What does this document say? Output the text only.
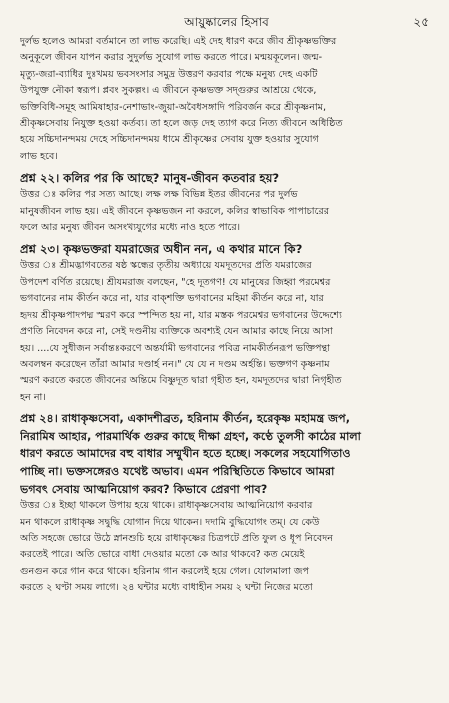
আয়ুষ্কালের হিসাব	২৫
দুর্লভ হলেও আমরা বর্তমানে তা লাভ করেছি। এই দেহ ধারণ করে জীব শ্রীকৃষ্ণভক্তির
অনুকূলে জীবন যাপন করার সুদুর্লভ সুযোগ লাভ করতে পারে। মন্ময়কূলেন। জন্ম-
মৃত্যু-জরা-ব্যাধির দুঃখময় ভবসংসার সমুদ্র উত্তরণ করবার পক্ষে মনুষ্য দেহ একটি
উপযুক্ত নৌকা স্বরূপ। প্লবং সুকল্পং। এ জীবনে কৃষ্ণভক্ত সদ্গুরুর আশ্রয়ে থেকে,
ভক্তিবিধি-সমূহ আমিষাহার-নেশাভাং-জুয়া-অবৈধসঙ্গাদি পরিবর্জন করে শ্রীকৃষ্ণনাম,
শ্রীকৃষ্ণসেবায় নিযুক্ত হওয়া কর্তব্য। তা হলে জড় দেহ ত্যাগ করে নিত্য জীবনে অধিষ্ঠিত
হয়ে সচ্চিদানন্দময় দেহে সচ্চিদানন্দময় ধামে শ্রীকৃষ্ণের সেবায় যুক্ত হওয়ার সুযোগ
লাভ হবে।
প্রশ্ন ২২। কলির পর কি আছে? মানুষ-জীবন কতবার হয়?
উত্তর ঃ কলির পর সত্য আছে। লক্ষ লক্ষ বিভিন্ন ইতর জীবনের পর দুর্লভ
মানুষজীবন লাভ হয়। এই জীবনে কৃষ্ণভজন না করলে, কলির স্বাভাবিক পাপাচারের
ফলে আর মনুষ্য জীবন অসংখ্যযুগের মধ্যে নাও হতে পারে।
প্রশ্ন ২৩। কৃষ্ণভক্তরা যমরাজের অধীন নন, এ কথার মানে কি?
উত্তর ঃ শ্রীমদ্ভাগবতের ষষ্ঠ স্কন্ধের তৃতীয় অধ্যায়ে যমদূতদের প্রতি যমরাজের
উপদেশ বর্ণিত রয়েছে। শ্রীযমরাজ বলছেন, "হে দূতগণ! যে মানুষের জিহ্বা পরমেশ্বর
ভগবানের নাম কীর্তন করে না, যার বাক্‌শক্তি ভগবানের মহিমা কীর্তন করে না, যার
হৃদয় শ্রীকৃষ্ণপাদপদ্ম স্মরণ করে স্পন্দিত হয় না, যার মস্তক পরমেশ্বর ভগবানের উদ্দেশ্যে
প্রণতি নিবেদন করে না, সেই দণ্ডনীয় ব্যক্তিকে অবশ্যই যেন আমার কাছে নিয়ে আসা
হয়। ....যে সুধীজন সর্বান্তঃকরণে অন্তর্যামী ভগবানের পবিত্র নামকীর্তনরূপ ভক্তিপন্থা
অবলম্বন করেছেন তাঁরা আমার দণ্ডার্হ নন।" যে যে ন দণ্ডম অর্হন্তি। ভক্তগণ কৃষ্ণনাম
স্মরণ করতে করতে জীবনের অন্তিমে বিষ্ণুদূত দ্বারা গৃহীত হন, যমদূতদের দ্বারা নিগৃহীত
হন না।
প্রশ্ন ২৪। রাধাকৃষ্ণসেবা, একাদশীব্রত, হরিনাম কীর্তন, হরেকৃষ্ণ মহামন্ত্র জপ,
নিরামিষ আহার, পারমার্থিক গুরুর কাছে দীক্ষা গ্রহণ, কণ্ঠে তুলসী কাঠের মালা
ধারণ করতে আমাদের বহু বাধার সম্মুখীন হতে হচ্ছে। সকলের সহযোগিতাও
পাচ্ছি না। ভক্তসঙ্গেরও যথেষ্ট অভাব। এমন পরিস্থিতিতে কিভাবে আমরা
ভগবৎ সেবায় আত্মনিয়োগ করব? কিভাবে প্রেরণা পাব?
উত্তর ঃ ইচ্ছা থাকলে উপায় হয়ে থাকে। রাধাকৃষ্ণসেবায় আত্মনিয়োগ করবার
মন থাকলে রাধাকৃষ্ণ সদ্বুদ্ধি যোগান দিয়ে থাকেন। দদামি বুদ্ধিযোগং তম্। যে কেউ
অতি সহজে ভোরে উঠে স্নানশুচি হয়ে রাধাকৃষ্ণের চিত্রপটে প্রতি ফুল ও ধূপ নিবেদন
করতেই পারে। অতি ভোরে বাধা দেওয়ার মতো কে আর থাকবে? কত মেয়েই
গুনগুন করে গান করে থাকে। হরিনাম গান করলেই হয়ে গেল। যোলমালা জপ
করতে ২ ঘণ্টা সময় লাগে। ২৪ ঘন্টার মধ্যে বাধাহীন সময় ২ ঘন্টা নিজের মতো
